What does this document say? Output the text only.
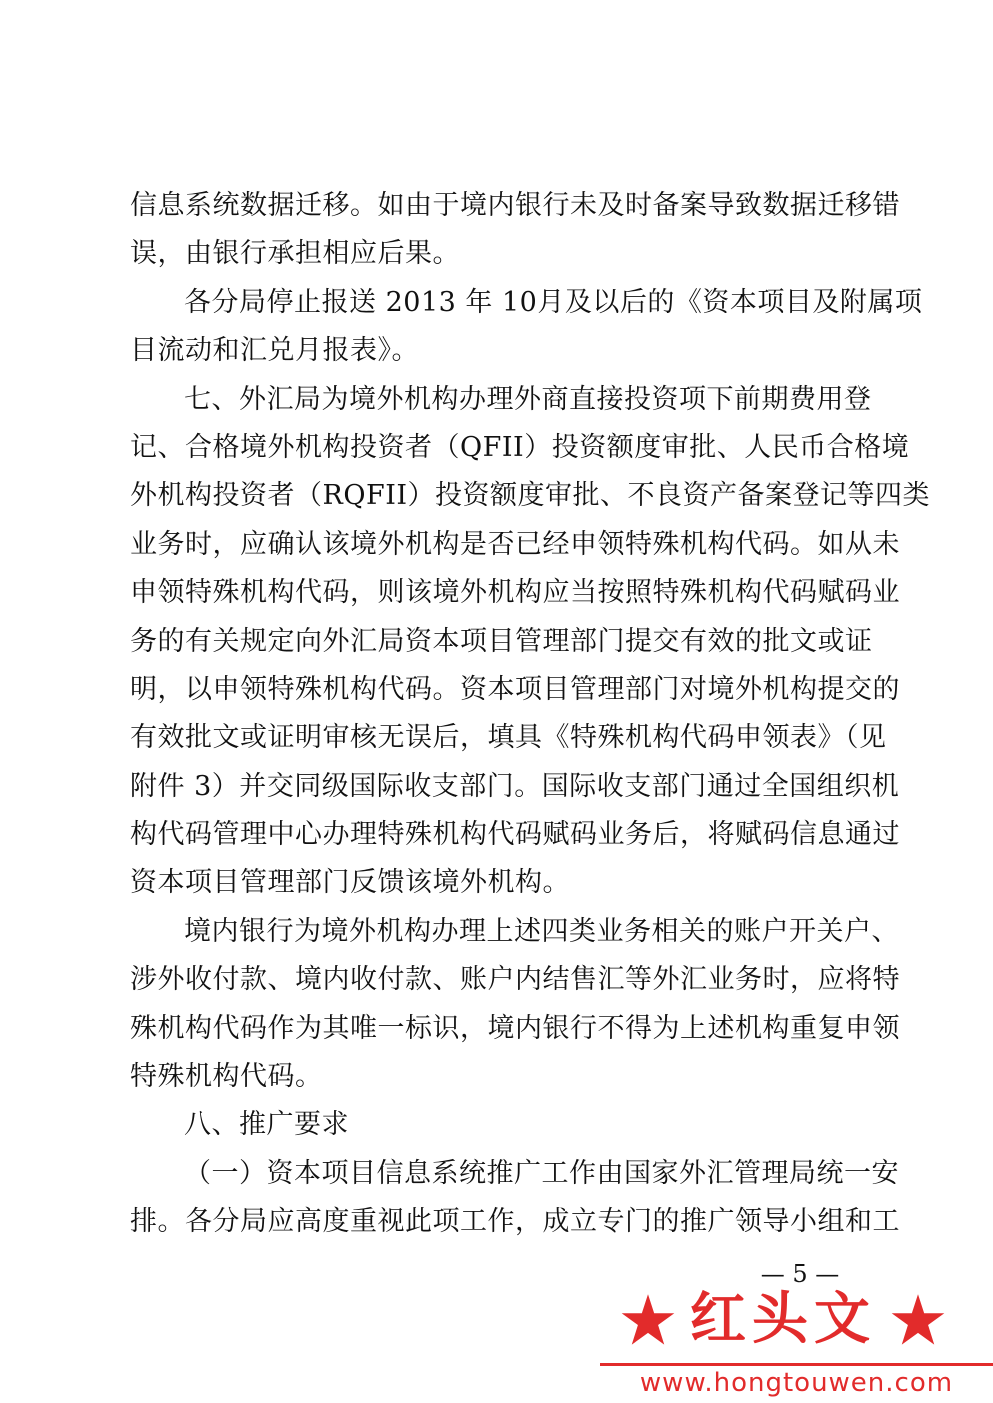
信息系统数据迁移。如由于境内银行未及时备案导致数据迁移错
误，由银行承担相应后果。
各分局停止报送 2013 年 10月及以后的《资本项目及附属项
目流动和汇兑月报表》。
七、外汇局为境外机构办理外商直接投资项下前期费用登
记、合格境外机构投资者（QFII）投资额度审批、人民币合格境
外机构投资者（RQFII）投资额度审批、不良资产备案登记等四类
业务时，应确认该境外机构是否已经申领特殊机构代码。如从未
申领特殊机构代码，则该境外机构应当按照特殊机构代码赋码业
务的有关规定向外汇局资本项目管理部门提交有效的批文或证
明，以申领特殊机构代码。资本项目管理部门对境外机构提交的
有效批文或证明审核无误后，填具《特殊机构代码申领表》（见
附件 3）并交同级国际收支部门。国际收支部门通过全国组织机
构代码管理中心办理特殊机构代码赋码业务后，将赋码信息通过
资本项目管理部门反馈该境外机构。
境内银行为境外机构办理上述四类业务相关的账户开关户、
涉外收付款、境内收付款、账户内结售汇等外汇业务时，应将特
殊机构代码作为其唯一标识，境内银行不得为上述机构重复申领
特殊机构代码。
八、推广要求
（一）资本项目信息系统推广工作由国家外汇管理局统一安
排。各分局应高度重视此项工作，成立专门的推广领导小组和工
— 5 —
红头文
www.hongtouwen.com
